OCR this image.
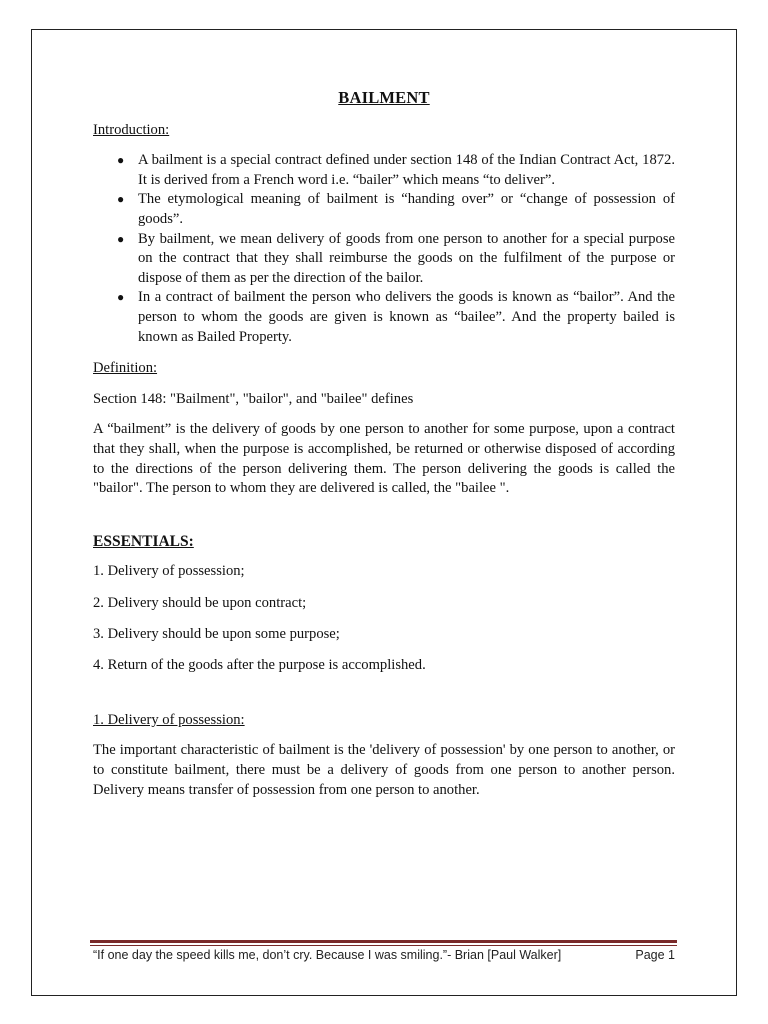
BAILMENT
Introduction:
● A bailment is a special contract defined under section 148 of the Indian Contract Act, 1872. It is derived from a French word i.e. “bailer” which means “to deliver”.
● The etymological meaning of bailment is “handing over” or “change of possession of goods”.
● By bailment, we mean delivery of goods from one person to another for a special purpose on the contract that they shall reimburse the goods on the fulfilment of the purpose or dispose of them as per the direction of the bailor.
● In a contract of bailment the person who delivers the goods is known as “bailor”. And the person to whom the goods are given is known as “bailee”. And the property bailed is known as Bailed Property.
Definition:

Section 148: "Bailment", "bailor", and "bailee" defines

A “bailment” is the delivery of goods by one person to another for some purpose, upon a contract that they shall, when the purpose is accomplished, be returned or otherwise disposed of according to the directions of the person delivering them. The person delivering the goods is called the "bailor". The person to whom they are delivered is called, the "bailee ".

ESSENTIALS:
1. Delivery of possession;
2. Delivery should be upon contract;
3. Delivery should be upon some purpose;
4. Return of the goods after the purpose is accomplished.
1. Delivery of possession:

The important characteristic of bailment is the 'delivery of possession' by one person to another, or to constitute bailment, there must be a delivery of goods from one person to another person. Delivery means transfer of possession from one person to another.

“If one day the speed kills me, don’t cry. Because I was smiling.”- Brian [Paul Walker]	Page 1
